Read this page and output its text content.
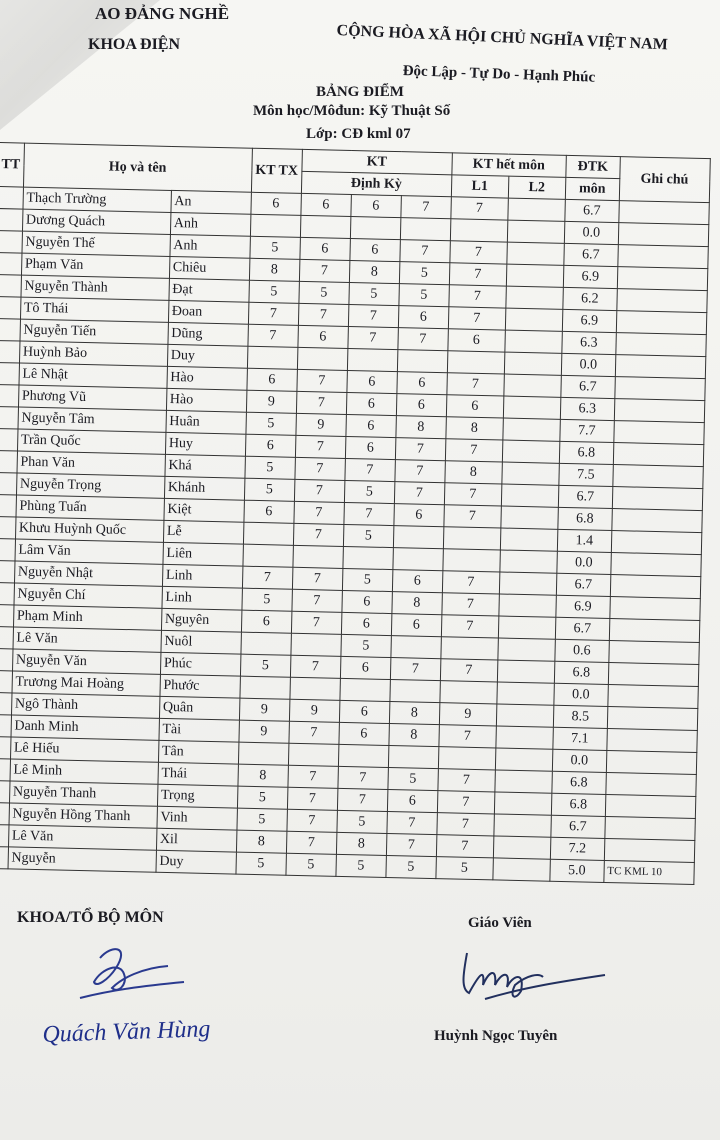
AO ĐẢNG NGHỀ
KHOA ĐIỆN	CỘNG HÒA XÃ HỘI CHỦ NGHĨA VIỆT NAM
Độc Lập - Tự Do - Hạnh Phúc
BẢNG ĐIỂM
Môn học/Môđun: Kỹ Thuật Số
Lớp: CĐ kml 07
TT	Họ và tên		KT TX	KT			KT hết môn		ĐTK	Ghi chú
				Định Kỳ			L1	L2	môn	
	Thạch Trường	An	6	6	6	7	7		6.7	
	Dương Quách	Anh							0.0	
	Nguyễn Thế	Anh	5	6	6	7	7		6.7	
	Phạm Văn	Chiêu	8	7	8	5	7		6.9	
	Nguyễn Thành	Đạt	5	5	5	5	7		6.2	
	Tô Thái	Đoan	7	7	7	6	7		6.9	
	Nguyễn Tiến	Dũng	7	6	7	7	6		6.3	
	Huỳnh Bảo	Duy							0.0	
	Lê Nhật	Hào	6	7	6	6	7		6.7	
	Phương Vũ	Hào	9	7	6	6	6		6.3	
	Nguyễn Tâm	Huân	5	9	6	8	8		7.7	
	Trần Quốc	Huy	6	7	6	7	7		6.8	
	Phan Văn	Khá	5	7	7	7	8		7.5	
	Nguyễn Trọng	Khánh	5	7	5	7	7		6.7	
	Phùng Tuấn	Kiệt	6	7	7	6	7		6.8	
	Khưu Huỳnh Quốc	Lễ		7	5				1.4	
	Lâm Văn	Liên							0.0	
	Nguyễn Nhật	Linh	7	7	5	6	7		6.7	
	Nguyễn Chí	Linh	5	7	6	8	7		6.9	
	Phạm Minh	Nguyên	6	7	6	6	7		6.7	
	Lê Văn	Nuôl			5				0.6	
	Nguyễn Văn	Phúc	5	7	6	7	7		6.8	
	Trương Mai Hoàng	Phước							0.0	
	Ngô Thành	Quân	9	9	6	8	9		8.5	
	Danh Minh	Tài	9	7	6	8	7		7.1	
	Lê Hiếu	Tân							0.0	
	Lê Minh	Thái	8	7	7	5	7		6.8	
	Nguyễn Thanh	Trọng	5	7	7	6	7		6.8	
	Nguyễn Hồng Thanh	Vinh	5	7	5	7	7		6.7	
	Lê Văn	Xil	8	7	8	7	7		7.2	
	Nguyễn	Duy	5	5	5	5	5		5.0	TC KML 10
KHOA/TỔ BỘ MÔN	Giáo Viên
Quách Văn Hùng	Huỳnh Ngọc Tuyên
